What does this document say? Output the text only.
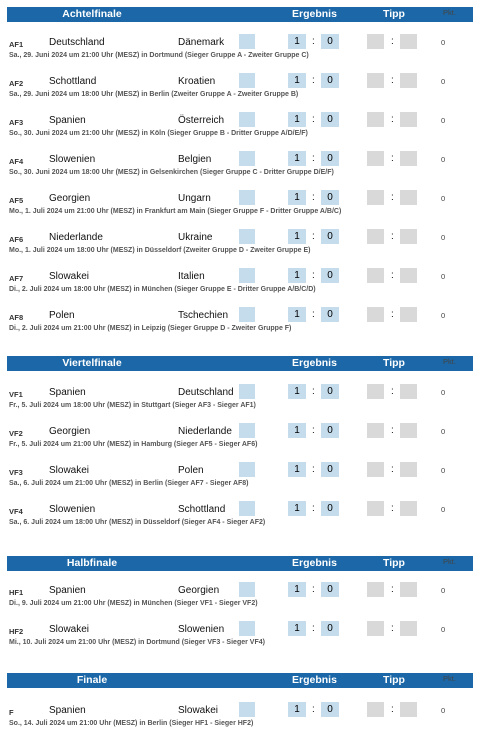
Achtelfinale	Ergebnis	Tipp	Pkt.
AF1	Deutschland	Dänemark	1	:	0	:	0
Sa., 29. Juni 2024 um 21:00 Uhr (MESZ) in Dortmund (Sieger Gruppe A - Zweiter Gruppe C)
AF2	Schottland	Kroatien	1	:	0	:	0
Sa., 29. Juni 2024 um 18:00 Uhr (MESZ) in Berlin (Zweiter Gruppe A - Zweiter Gruppe B)
AF3	Spanien	Österreich	1	:	0	:	0
So., 30. Juni 2024 um 21:00 Uhr (MESZ) in Köln (Sieger Gruppe B - Dritter Gruppe A/D/E/F)
AF4	Slowenien	Belgien	1	:	0	:	0
So., 30. Juni 2024 um 18:00 Uhr (MESZ) in Gelsenkirchen (Sieger Gruppe C - Dritter Gruppe D/E/F)
AF5	Georgien	Ungarn	1	:	0	:	0
Mo., 1. Juli 2024 um 21:00 Uhr (MESZ) in Frankfurt am Main (Sieger Gruppe F - Dritter Gruppe A/B/C)
AF6	Niederlande	Ukraine	1	:	0	:	0
Mo., 1. Juli 2024 um 18:00 Uhr (MESZ) in Düsseldorf (Zweiter Gruppe D - Zweiter Gruppe E)
AF7	Slowakei	Italien	1	:	0	:	0
Di., 2. Juli 2024 um 18:00 Uhr (MESZ) in München (Sieger Gruppe E - Dritter Gruppe A/B/C/D)
AF8	Polen	Tschechien	1	:	0	:	0
Di., 2. Juli 2024 um 21:00 Uhr (MESZ) in Leipzig (Sieger Gruppe D - Zweiter Gruppe F)
Viertelfinale	Ergebnis	Tipp	Pkt.
VF1	Spanien	Deutschland	1	:	0	:	0
Fr., 5. Juli 2024 um 18:00 Uhr (MESZ) in Stuttgart (Sieger AF3 - Sieger AF1)
VF2	Georgien	Niederlande	1	:	0	:	0
Fr., 5. Juli 2024 um 21:00 Uhr (MESZ) in Hamburg (Sieger AF5 - Sieger AF6)
VF3	Slowakei	Polen	1	:	0	:	0
Sa., 6. Juli 2024 um 21:00 Uhr (MESZ) in Berlin (Sieger AF7 - Sieger AF8)
VF4	Slowenien	Schottland	1	:	0	:	0
Sa., 6. Juli 2024 um 18:00 Uhr (MESZ) in Düsseldorf (Sieger AF4 - Sieger AF2)
Halbfinale	Ergebnis	Tipp	Pkt.
HF1	Spanien	Georgien	1	:	0	:	0
Di., 9. Juli 2024 um 21:00 Uhr (MESZ) in München (Sieger VF1 - Sieger VF2)
HF2	Slowakei	Slowenien	1	:	0	:	0
Mi., 10. Juli 2024 um 21:00 Uhr (MESZ) in Dortmund (Sieger VF3 - Sieger VF4)
Finale	Ergebnis	Tipp	Pkt.
F	Spanien	Slowakei	1	:	0	:	0
So., 14. Juli 2024 um 21:00 Uhr (MESZ) in Berlin (Sieger HF1 - Sieger HF2)
